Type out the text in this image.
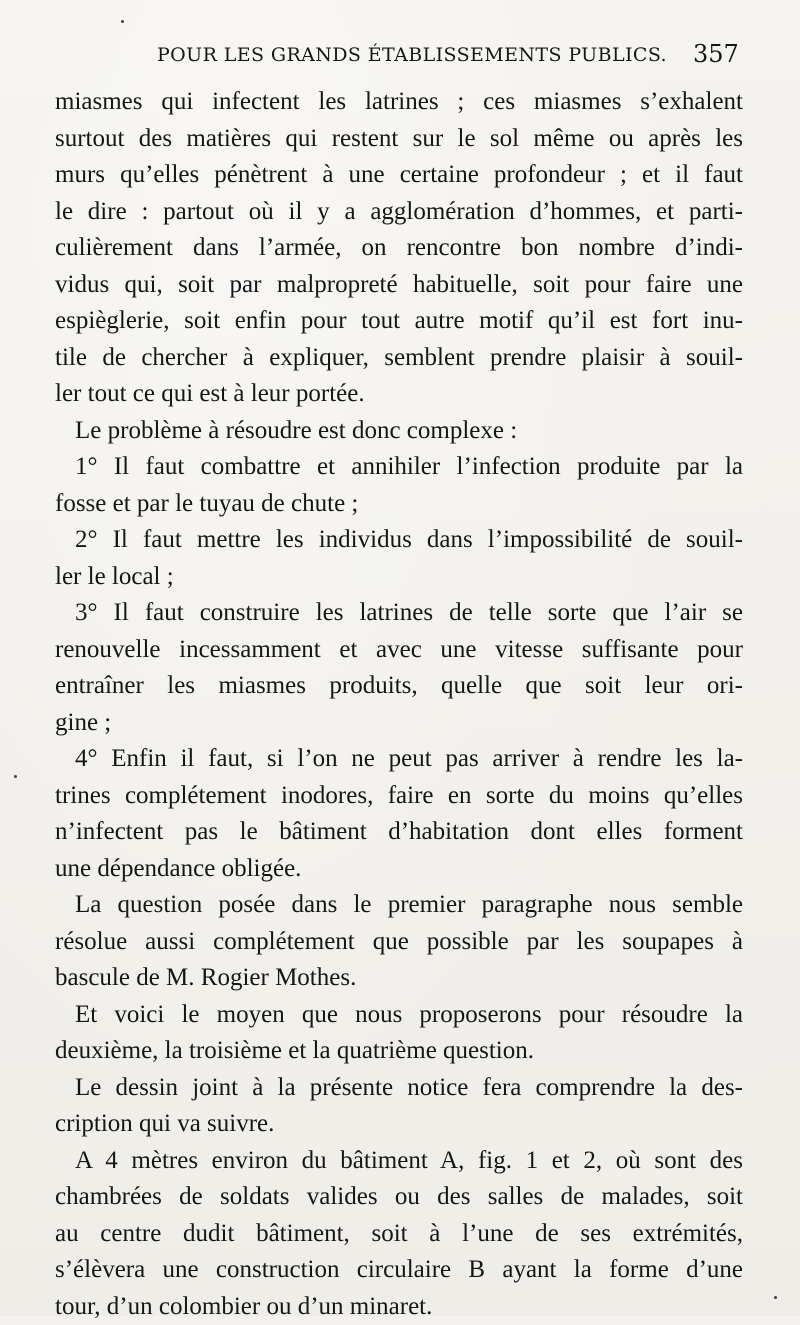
POUR LES GRANDS ÉTABLISSEMENTS PUBLICS. 357
miasmes qui infectent les latrines ; ces miasmes s’exhalent
surtout des matières qui restent sur le sol même ou après les
murs qu’elles pénètrent à une certaine profondeur ; et il faut
le dire : partout où il y a agglomération d’hommes, et parti-
culièrement dans l’armée, on rencontre bon nombre d’indi-
vidus qui, soit par malpropreté habituelle, soit pour faire une
espièglerie, soit enfin pour tout autre motif qu’il est fort inu-
tile de chercher à expliquer, semblent prendre plaisir à souil-
ler tout ce qui est à leur portée.
Le problème à résoudre est donc complexe :
1° Il faut combattre et annihiler l’infection produite par la
fosse et par le tuyau de chute ;
2° Il faut mettre les individus dans l’impossibilité de souil-
ler le local ;
3° Il faut construire les latrines de telle sorte que l’air se
renouvelle incessamment et avec une vitesse suffisante pour
entraîner les miasmes produits, quelle que soit leur ori-
gine ;
4° Enfin il faut, si l’on ne peut pas arriver à rendre les la-
trines complétement inodores, faire en sorte du moins qu’elles
n’infectent pas le bâtiment d’habitation dont elles forment
une dépendance obligée.
La question posée dans le premier paragraphe nous semble
résolue aussi complétement que possible par les soupapes à
bascule de M. Rogier Mothes.
Et voici le moyen que nous proposerons pour résoudre la
deuxième, la troisième et la quatrième question.
Le dessin joint à la présente notice fera comprendre la des-
cription qui va suivre.
A 4 mètres environ du bâtiment A, fig. 1 et 2, où sont des
chambrées de soldats valides ou des salles de malades, soit
au centre dudit bâtiment, soit à l’une de ses extrémités,
s’élèvera une construction circulaire B ayant la forme d’une
tour, d’un colombier ou d’un minaret.
